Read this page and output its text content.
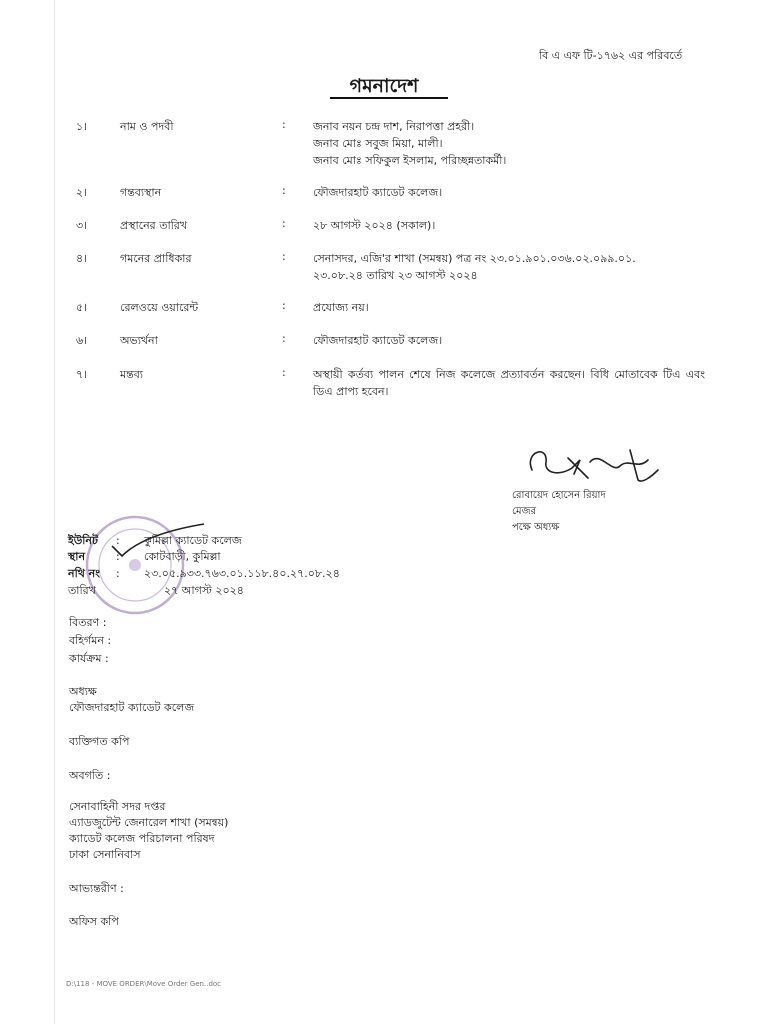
বি এ এফ টি-১৭৬২ এর পরিবর্তে
গমনাদেশ
১।	নাম ও পদবী	: জনাব নয়ন চন্দ্র দাশ, নিরাপত্তা প্রহরী।
জনাব মোঃ সবুজ মিয়া, মালী।
জনাব মোঃ সফিকুল ইসলাম, পরিচ্ছন্নতাকর্মী।
২।	গন্তব্যস্থান	: ফৌজদারহাট ক্যাডেট কলেজ।
৩।	প্রস্থানের তারিখ	: ২৮ আগস্ট ২০২৪ (সকাল)।
৪।	গমনের প্রাধিকার	: সেনাসদর, এজি'র শাখা (সমন্বয়) পত্র নং ২৩.০১.৯০১.০৩৬.০২.০৯৯.০১.
২৩.০৮.২৪ তারিখ ২৩ আগস্ট ২০২৪
৫।	রেলওয়ে ওয়ারেন্ট	: প্রযোজ্য নয়।
৬।	অভ্যর্থনা	: ফৌজদারহাট ক্যাডেট কলেজ।
৭।	মন্তব্য	: অস্থায়ী কর্তব্য পালন শেষে নিজ কলেজে প্রত্যাবর্তন করছেন। বিধি মোতাবেক টিএ এবং ডিএ প্রাপ্য হবেন।
রোবায়েদ হোসেন রিয়াদ
মেজর
পক্ষে অধ্যক্ষ
ইউনিট : কুমিল্লা ক্যাডেট কলেজ
স্থান	: কোটবাড়ী, কুমিল্লা
নথি নং : ২৩.০৫.৯৩৩.৭৬৩.০১.১১৮.৪০.২৭.০৮.২৪
তারিখ	২৭ আগস্ট ২০২৪
বিতরণ :
বহির্গমন :
কার্যক্রম :
অধ্যক্ষ
ফৌজদারহাট ক্যাডেট কলেজ
ব্যক্তিগত কপি
অবগতি :
সেনাবাহিনী সদর দপ্তর
এ্যাডজুটেন্ট জেনারেল শাখা (সমন্বয়)
ক্যাডেট কলেজ পরিচালনা পরিষদ
ঢাকা সেনানিবাস
আভ্যন্তরীণ :
অফিস কপি
D:\118 - MOVE ORDER\Move Order Gen..doc
